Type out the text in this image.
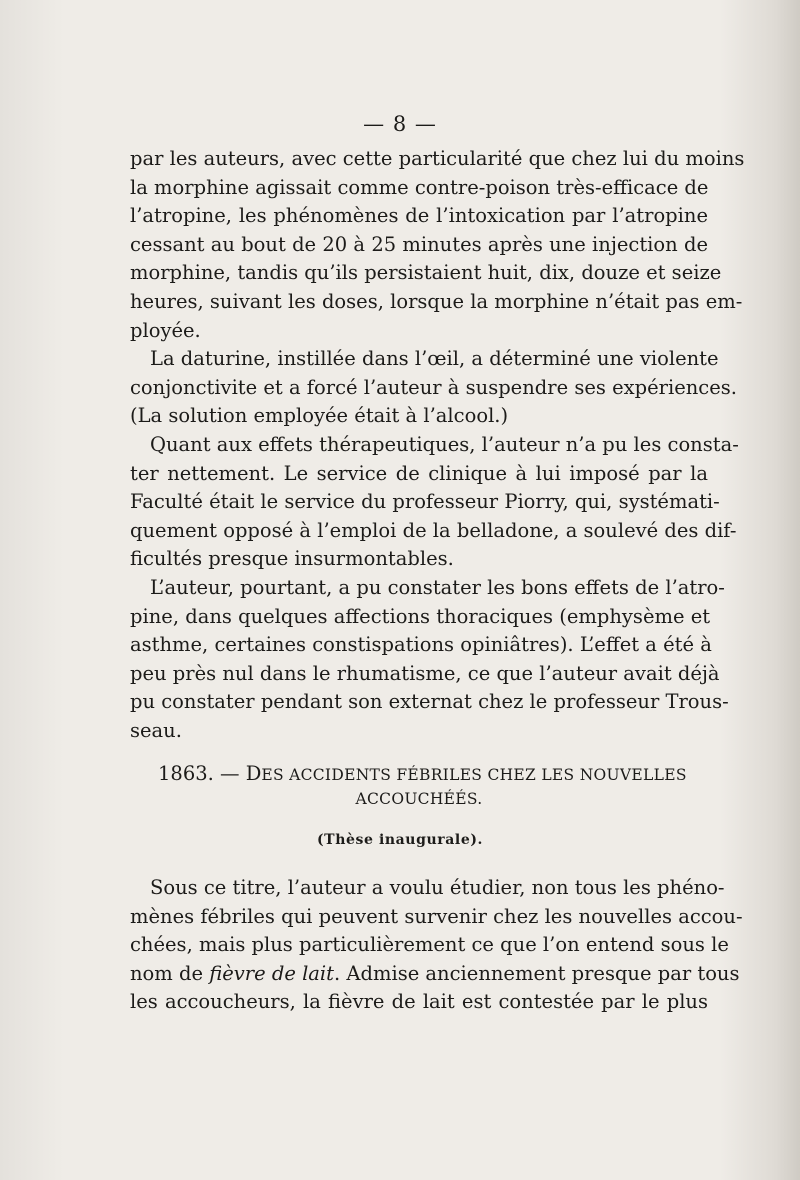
— 8 —
par les auteurs, avec cette particularité que chez lui du moins
la morphine agissait comme contre-poison très-efficace de
l’atropine, les phénomènes de l’intoxication par l’atropine
cessant au bout de 20 à 25 minutes après une injection de
morphine, tandis qu’ils persistaient huit, dix, douze et seize
heures, suivant les doses, lorsque la morphine n’était pas em-
ployée.
La daturine, instillée dans l’œil, a déterminé une violente
conjonctivite et a forcé l’auteur à suspendre ses expériences.
(La solution employée était à l’alcool.)
Quant aux effets thérapeutiques, l’auteur n’a pu les consta-
ter nettement. Le service de clinique à lui imposé par la
Faculté était le service du professeur Piorry, qui, systémati-
quement opposé à l’emploi de la belladone, a soulevé des dif-
ficultés presque insurmontables.
L’auteur, pourtant, a pu constater les bons effets de l’atro-
pine, dans quelques affections thoraciques (emphysème et
asthme, certaines constispations opiniâtres). L’effet a été à
peu près nul dans le rhumatisme, ce que l’auteur avait déjà
pu constater pendant son externat chez le professeur Trous-
seau.
1863. — DES ACCIDENTS FÉBRILES CHEZ LES NOUVELLES
ACCOUCHÉÉS.
(Thèse inaugurale).
Sous ce titre, l’auteur a voulu étudier, non tous les phéno-
mènes fébriles qui peuvent survenir chez les nouvelles accou-
chées, mais plus particulièrement ce que l’on entend sous le
nom de fièvre de lait. Admise anciennement presque par tous
les accoucheurs, la fièvre de lait est contestée par le plus
